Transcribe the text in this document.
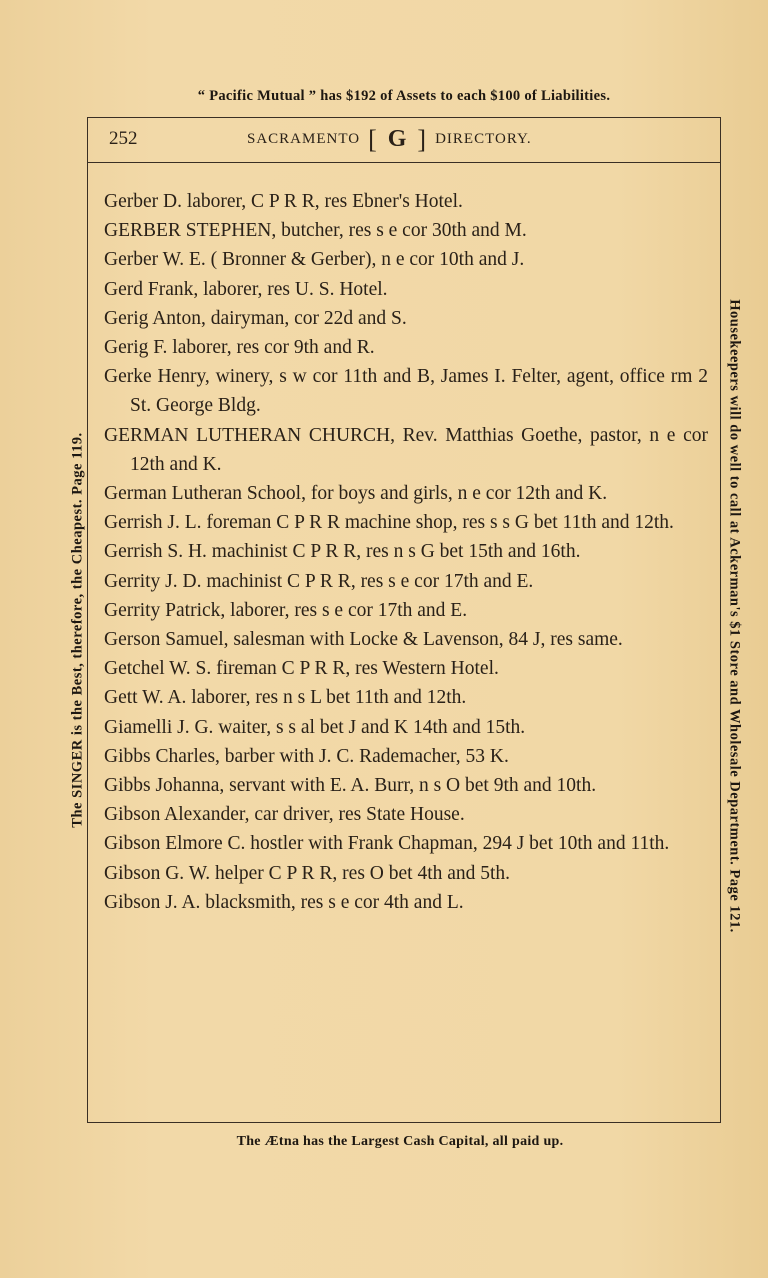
“ Pacific Mutual ” has $192 of Assets to each $100 of Liabilities.
The SINGER is the Best, therefore, the Cheapest. Page 119.	Housekeepers will do well to call at Ackerman's $1 Store and Wholesale Department. Page 121.
252	SACRAMENTO [ G ] DIRECTORY.
Gerber D. laborer, C P R R, res Ebner's Hotel.
GERBER STEPHEN, butcher, res s e cor 30th and M.
Gerber W. E. ( Bronner & Gerber), n e cor 10th and J.
Gerd Frank, laborer, res U. S. Hotel.
Gerig Anton, dairyman, cor 22d and S.
Gerig F. laborer, res cor 9th and R.
Gerke Henry, winery, s w cor 11th and B, James I. Felter, agent, office rm 2 St. George Bldg.
GERMAN LUTHERAN CHURCH, Rev. Matthias Goethe, pastor, n e cor 12th and K.
German Lutheran School, for boys and girls, n e cor 12th and K.
Gerrish J. L. foreman C P R R machine shop, res s s G bet 11th and 12th.
Gerrish S. H. machinist C P R R, res n s G bet 15th and 16th.
Gerrity J. D. machinist C P R R, res s e cor 17th and E.
Gerrity Patrick, laborer, res s e cor 17th and E.
Gerson Samuel, salesman with Locke & Lavenson, 84 J, res same.
Getchel W. S. fireman C P R R, res Western Hotel.
Gett W. A. laborer, res n s L bet 11th and 12th.
Giamelli J. G. waiter, s s al bet J and K 14th and 15th.
Gibbs Charles, barber with J. C. Rademacher, 53 K.
Gibbs Johanna, servant with E. A. Burr, n s O bet 9th and 10th.
Gibson Alexander, car driver, res State House.
Gibson Elmore C. hostler with Frank Chapman, 294 J bet 10th and 11th.
Gibson G. W. helper C P R R, res O bet 4th and 5th.
Gibson J. A. blacksmith, res s e cor 4th and L.
The Ætna has the Largest Cash Capital, all paid up.
